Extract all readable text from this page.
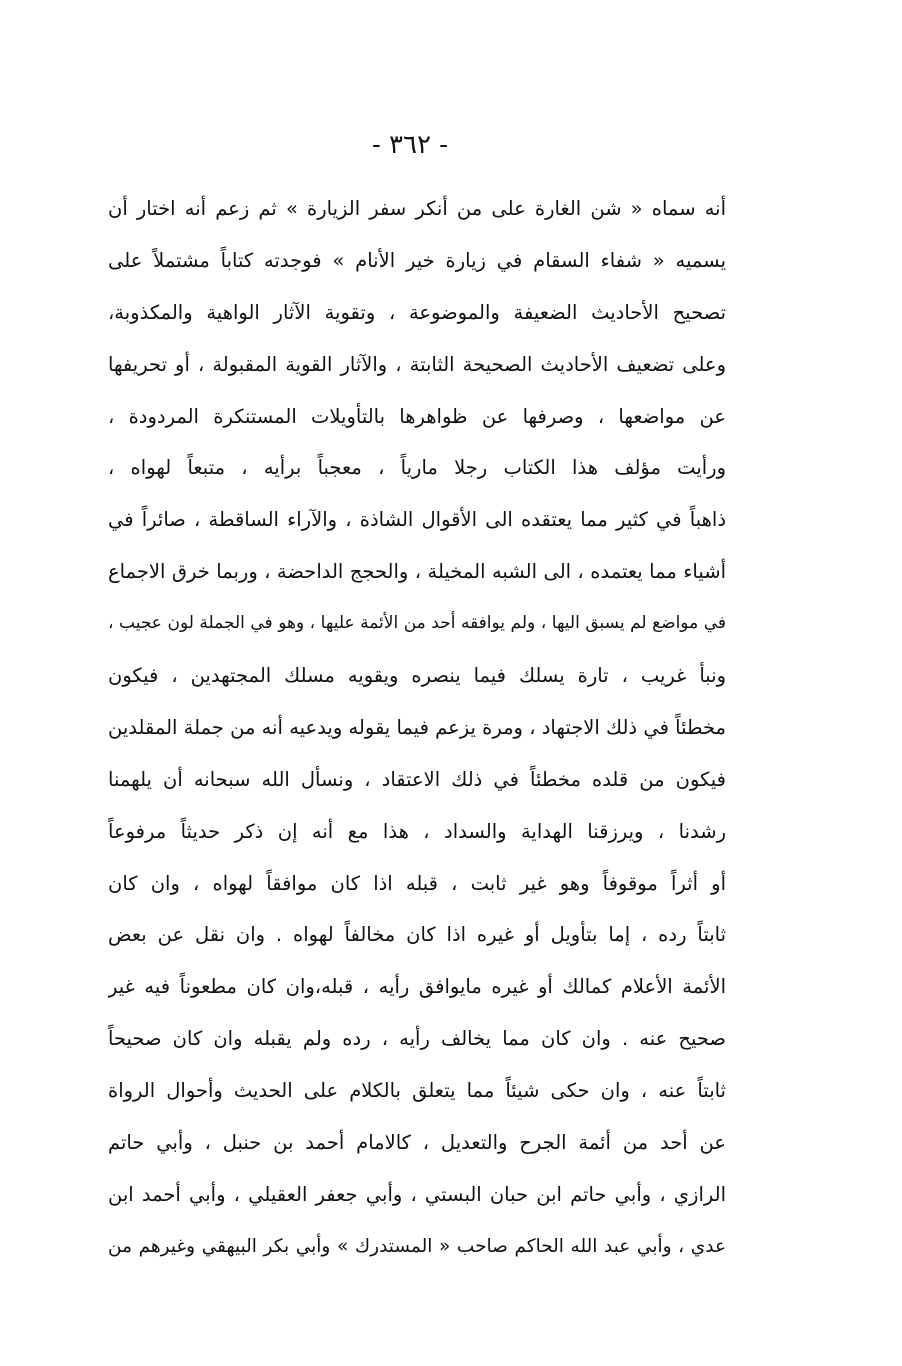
- ٣٦٢ -
أنه سماه « شن الغارة على من أنكر سفر الزيارة » ثم زعم أنه اختار أن
يسميه « شفاء السقام في زيارة خير الأنام » فوجدته كتاباً مشتملاً على
تصحيح الأحاديث الضعيفة والموضوعة ، وتقوية الآثار الواهية والمكذوبة،
وعلى تضعيف الأحاديث الصحيحة الثابتة ، والآثار القوية المقبولة ، أو تحريفها
عن مواضعها ، وصرفها عن ظواهرها بالتأويلات المستنكرة المردودة ،
ورأيت مؤلف هذا الكتاب رجلا مارياً ، معجباً برأيه ، متبعاً لهواه ،
ذاهباً في كثير مما يعتقده الى الأقوال الشاذة ، والآراء الساقطة ، صائراً في
أشياء مما يعتمده ، الى الشبه المخيلة ، والحجج الداحضة ، وربما خرق الاجماع
في مواضع لم يسبق اليها ، ولم يوافقه أحد من الأئمة عليها ، وهو في الجملة لون عجيب ،
ونبأ غريب ، تارة يسلك فيما ينصره ويقويه مسلك المجتهدين ، فيكون
مخطئاً في ذلك الاجتهاد ، ومرة يزعم فيما يقوله ويدعيه أنه من جملة المقلدين
فيكون من قلده مخطئاً في ذلك الاعتقاد ، ونسأل الله سبحانه أن يلهمنا
رشدنا ، ويرزقنا الهداية والسداد ، هذا مع أنه إن ذكر حديثاً مرفوعاً
أو أثراً موقوفاً وهو غير ثابت ، قبله اذا كان موافقاً لهواه ، وان كان
ثابتاً رده ، إما بتأويل أو غيره اذا كان مخالفاً لهواه . وان نقل عن بعض
الأئمة الأعلام كمالك أو غيره مايوافق رأيه ، قبله،وان كان مطعوناً فيه غير
صحيح عنه . وان كان مما يخالف رأيه ، رده ولم يقبله وان كان صحيحاً
ثابتاً عنه ، وان حكى شيئاً مما يتعلق بالكلام على الحديث وأحوال الرواة
عن أحد من أئمة الجرح والتعديل ، كالامام أحمد بن حنبل ، وأبي حاتم
الرازي ، وأبي حاتم ابن حبان البستي ، وأبي جعفر العقيلي ، وأبي أحمد ابن
عدي ، وأبي عبد الله الحاكم صاحب « المستدرك » وأبي بكر البيهقي وغيرهم من
